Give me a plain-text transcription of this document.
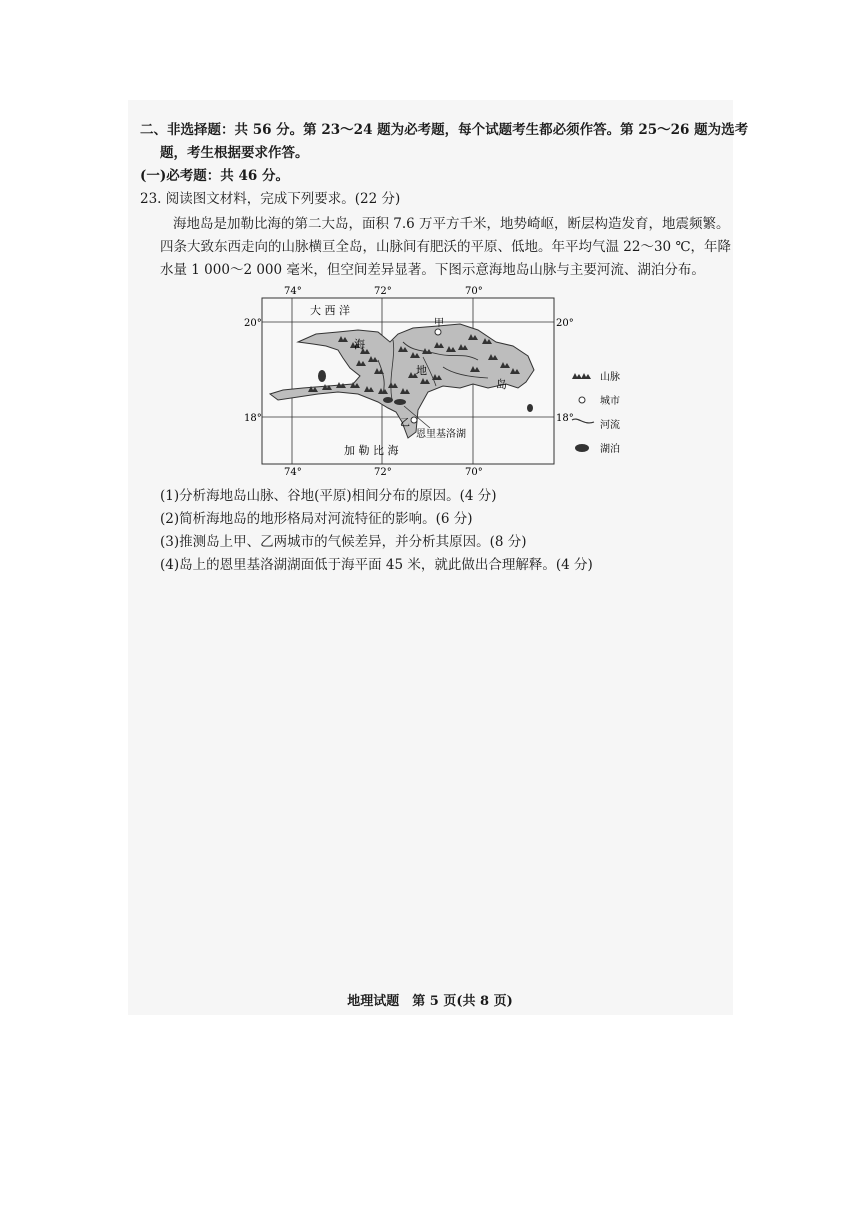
二、非选择题：共 56 分。第 23～24 题为必考题，每个试题考生都必须作答。第 25～26 题为选考
题，考生根据要求作答。
(一)必考题：共 46 分。
23. 阅读图文材料，完成下列要求。(22 分)
海地岛是加勒比海的第二大岛，面积 7.6 万平方千米，地势崎岖，断层构造发育，地震频繁。
四条大致东西走向的山脉横亘全岛，山脉间有肥沃的平原、低地。年平均气温 22～30 ℃，年降
水量 1 000～2 000 毫米，但空间差异显著。下图示意海地岛山脉与主要河流、湖泊分布。
74°	72°	70°
74°	72°	70°
20°	20°
18°	18°
大 西 洋
加 勒 比 海
海
地
岛
甲
乙
恩里基洛湖
山脉
城市
河流
湖泊
(1)分析海地岛山脉、谷地(平原)相间分布的原因。(4 分)
(2)简析海地岛的地形格局对河流特征的影响。(6 分)
(3)推测岛上甲、乙两城市的气候差异，并分析其原因。(8 分)
(4)岛上的恩里基洛湖湖面低于海平面 45 米，就此做出合理解释。(4 分)
地理试题　第 5 页(共 8 页)
